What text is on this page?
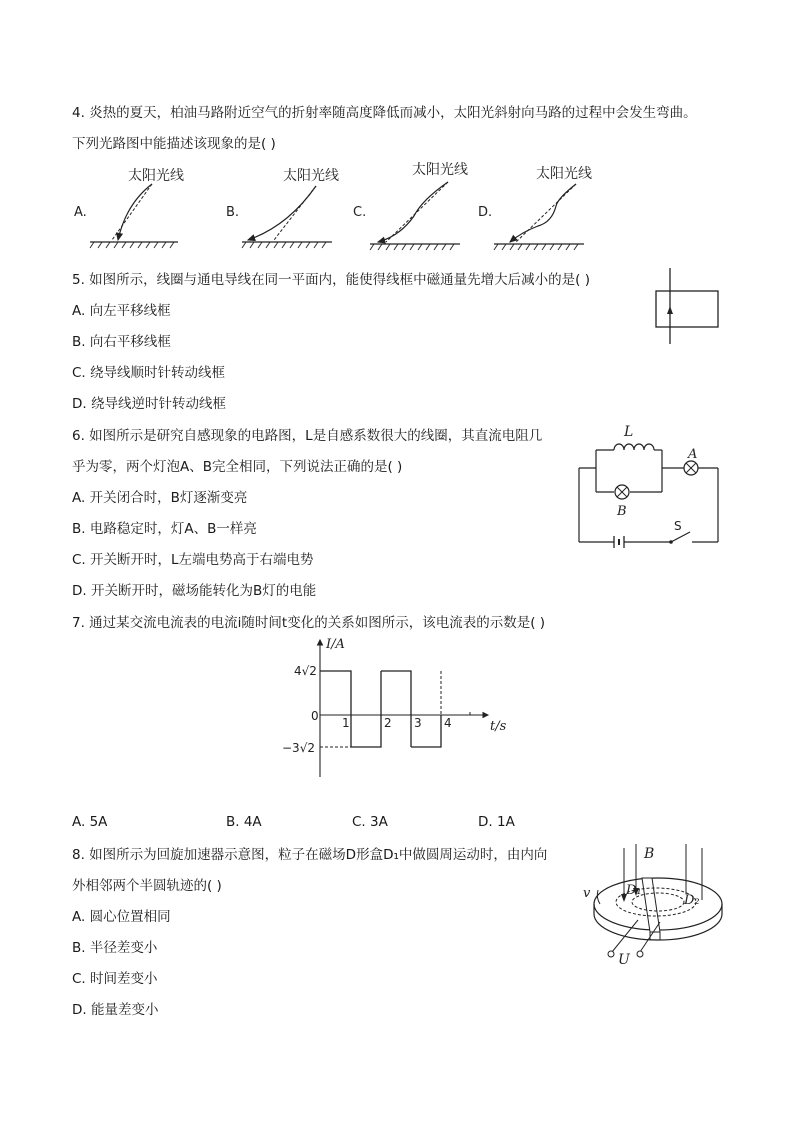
4. 炎热的夏天，柏油马路附近空气的折射率随高度降低而减小，太阳光斜射向马路的过程中会发生弯曲。
下列光路图中能描述该现象的是( )
A.
太阳光线
B.
太阳光线
C.
太阳光线
D.
太阳光线
5. 如图所示，线圈与通电导线在同一平面内，能使得线框中磁通量先增大后减小的是( )
A. 向左平移线框
B. 向右平移线框
C. 绕导线顺时针转动线框
D. 绕导线逆时针转动线框
6. 如图所示是研究自感现象的电路图，L是自感系数很大的线圈，其直流电阻几
乎为零，两个灯泡A、B完全相同，下列说法正确的是( )
A. 开关闭合时，B灯逐渐变亮
B. 电路稳定时，灯A、B一样亮
C. 开关断开时，L左端电势高于右端电势
D. 开关断开时，磁场能转化为B灯的电能
L
B
A
S
7. 通过某交流电流表的电流i随时间t变化的关系如图所示，该电流表的示数是( )
I/A
t/s
4√2
−3√2
0 1	2 3 4
A. 5A	B. 4A	C. 3A	D. 1A
8. 如图所示为回旋加速器示意图，粒子在磁场D形盒D₁中做圆周运动时，由内向
外相邻两个半圆轨迹的( )
A. 圆心位置相同
B. 半径差变小
C. 时间差变小
D. 能量差变小
B
v	D₁
D₂
U
